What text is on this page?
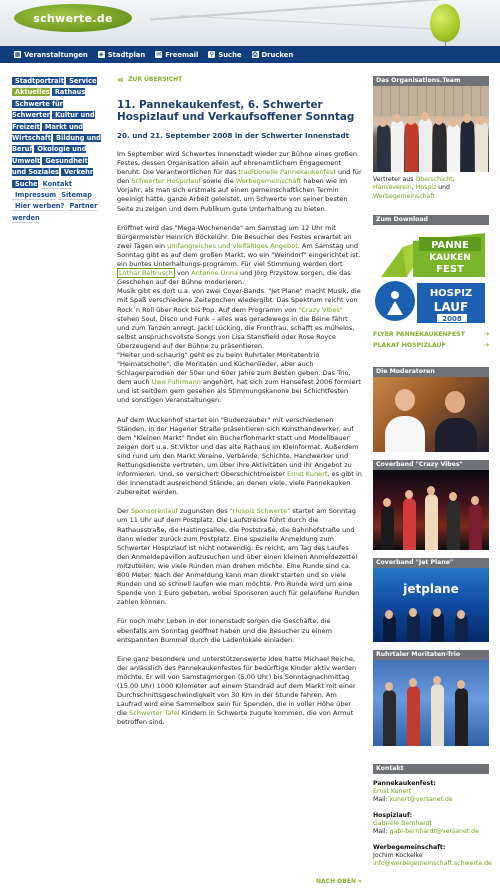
schwerte.de
▦ Veranstaltungen ◈ Stadtplan ✉ Freemail ⚲ Suche ⎙ Drucken
Stadtportrait Service Aktuelles Rathaus Schwerte für Schwerter Kultur und Freizeit Markt und Wirtschaft Bildung und Beruf Ökologie und Umwelt Gesundheit und Soziales Verkehr Suche Kontakt Impressum Sitemap Hier werben? Partner werden
« ZUR ÜBERSICHT
11. Pannekaukenfest, 6. Schwerter Hospizlauf und Verkaufsoffener Sonntag
20. und 21. September 2008 in der Schwerter Innenstadt

Im September wird Schwertes Innenstadt wieder zur Bühne eines großen Festes, dessen Organisation allein auf ehrenamtlichem Engagement beruht. Die Verantwortlichen für das traditionelle Pannekaukenfest und für den Schwerter Hospizlauf sowie die Werbegemeinschaft haben wie im Vorjahr, als man sich erstmals auf einen gemeinschaftlichen Termin geeinigt hatte, ganze Arbeit geleistet, um Schwerte von seiner besten Seite zu zeigen und dem Publikum gute Unterhaltung zu bieten.

Eröffnet wird das "Mega-Wochenende" am Samstag um 12 Uhr mit Bürgermeister Heinrich Böckelühr. Die Besucher des Festes erwartet an zwei Tagen ein umfangreiches und vielfältiges Angebot. Am Samstag und Sonntag gibt es auf dem großen Markt, wo ein "Weindorf" eingerichtet ist, ein buntes Unterhaltungs-programm. Für viel Stimmung werden dort Lothar Baltrusch von Antenne Unna und Jörg Przystow sorgen, die das Geschehen auf der Bühne moderieren.
Musik gibt es dort u.a. von zwei Cover-Bands. "Jet Plane" macht Musik, die mit Spaß verschiedene Zeitepochen wiedergibt. Das Spektrum reicht von Rock´n Roll über Rock bis Pop. Auf dem Programm von "Crazy Vibes" stehen Soul, Disco und Funk – alles was geradewegs in die Beine fährt und zum Tanzen anregt. Jacki Lücking, die Frontfrau, schafft es mühelos, selbst anspruchsvollste Songs von Lisa Stansfield oder Rose Royce überzeugend auf der Bühne zu präsentieren.
"Heiter und schaurig" geht es zu beim Ruhrtaler Moritatentrio "Heimatscholle", die Moritaten und Küchenlieder, aber auch Schlagerparodien der 50er und 60er Jahre zum Besten geben. Das Trio, dem auch Uwe Fuhrmann angehört, hat sich zum Hansefest 2006 formiert und ist seitdem gern gesehen als Stimmungskanone bei Schichtfesten und sonstigen Veranstaltungen.

Auf dem Wuckenhof startet ein "Budenzauber" mit verschiedenen Ständen, in der Hagener Straße präsentieren sich Kunsthandwerker, auf dem "Kleinen Markt" findet ein Bücherflohmarkt statt und Modellbauer zeigen dort u.a. St.Viktor und das alte Rathaus im Kleinformat. Außerdem sind rund um den Markt Vereine, Verbände, Schichte, Handwerker und Rettungsdienste vertreten, um über ihre Aktivitäten und ihr Angebot zu informieren. Und, so versichert Oberschichtmeister Ernst Kunert, es gibt in der Innenstadt ausreichend Stände, an denen viele, viele Pannekauken zubereitet werden.

Der Sponsorenlauf zugunsten des "Hospiz Schwerte" startet am Sonntag um 11 Uhr auf dem Postplatz. Die Laufstrecke führt durch die Rathausstraße, die Hastingsallee, die Poststraße, die Bahnhofstraße und dann wieder zurück zum Postplatz. Eine spezielle Anmeldung zum Schwerter Hospizlauf ist nicht notwendig. Es reicht, am Tag des Laufes den Anmeldepavillon aufzusuchen und über einen kleinen Anmeldezettel mitzuteilen, wie viele Runden man drehen möchte. Eine Runde sind ca. 800 Meter. Nach der Anmeldung kann man direkt starten und so viele Runden und so schnell laufen wie man möchte. Pro Runde wird um eine Spende von 1 Euro gebeten, wobei Sponsoren auch für gelaufene Runden zahlen können.

Für noch mehr Leben in der Innenstadt sorgen die Geschäfte, die ebenfalls am Sonntag geöffnet haben und die Besucher zu einem entspannten Bummel durch die Ladenlokale einladen.

Eine ganz besondere und unterstützenswerte Idee hatte Michael Reiche, der anlässlich des Pannekaukenfestes für bedürftige Kinder aktiv werden möchte. Er will von Samstagmorgen (5.00 Uhr) bis Sonntagnachmittag (15.00 Uhr) 1000 Kilometer auf einem Standrad auf dem Markt mit einer Durchschnittsgeschwindigkeit von 30 Km in der Stunde fahren. Am Laufrad wird eine Sammelbox sein für Spenden, die in voller Höhe über die Schwerter Tafel Kindern in Schwerte zugute kommen, die von Armut betroffen sind.

NACH OBEN »
Das Organisations.Team
Vertreter aus Oberschicht, Hanseverein, Hospiz und Werbegemeinschaft
Zum Download
PANNE
KAUKEN
FEST
HOSPIZ
LAUF
2008
FLYER PANNEKAUKENFEST	⇢
PLAKAT HOSPIZLAUF	⇢
Die Moderatoren
Coverband "Crazy Vibes"
Coverband "Jet Plane"
jetplane
Ruhrtaler Moritaten-Trio
Kontakt
Pannekaukenfest:
Ernst Kunert
Mail: kunert@versanet.de
Hospizlauf:
Gabriele Bernhardt
Mail: gabi-bernhardt@versanet.de
Werbegemeinschaft:
Jochim Kockelke
info@werbegemeinschaft.schwerte.de
